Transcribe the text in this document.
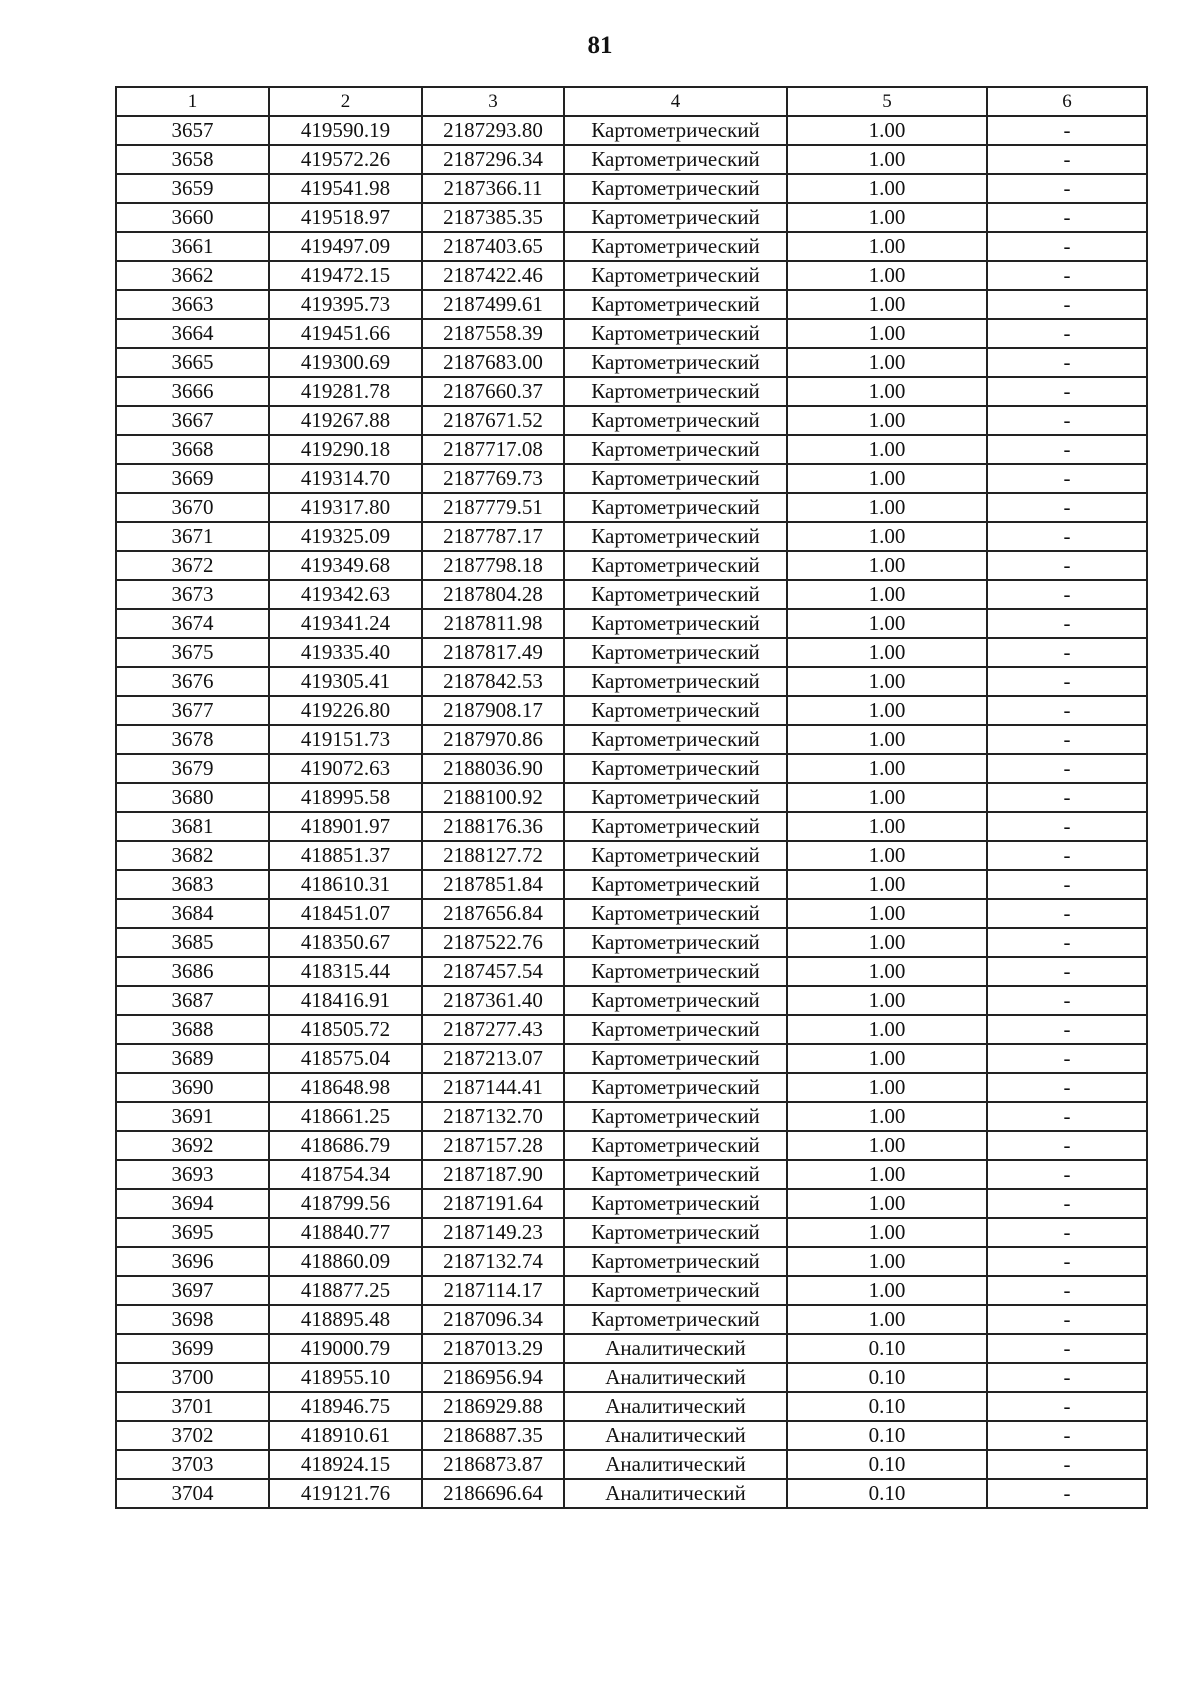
81
1	2	3	4	5	6
3657	419590.19	2187293.80	Картометрический	1.00	-
3658	419572.26	2187296.34	Картометрический	1.00	-
3659	419541.98	2187366.11	Картометрический	1.00	-
3660	419518.97	2187385.35	Картометрический	1.00	-
3661	419497.09	2187403.65	Картометрический	1.00	-
3662	419472.15	2187422.46	Картометрический	1.00	-
3663	419395.73	2187499.61	Картометрический	1.00	-
3664	419451.66	2187558.39	Картометрический	1.00	-
3665	419300.69	2187683.00	Картометрический	1.00	-
3666	419281.78	2187660.37	Картометрический	1.00	-
3667	419267.88	2187671.52	Картометрический	1.00	-
3668	419290.18	2187717.08	Картометрический	1.00	-
3669	419314.70	2187769.73	Картометрический	1.00	-
3670	419317.80	2187779.51	Картометрический	1.00	-
3671	419325.09	2187787.17	Картометрический	1.00	-
3672	419349.68	2187798.18	Картометрический	1.00	-
3673	419342.63	2187804.28	Картометрический	1.00	-
3674	419341.24	2187811.98	Картометрический	1.00	-
3675	419335.40	2187817.49	Картометрический	1.00	-
3676	419305.41	2187842.53	Картометрический	1.00	-
3677	419226.80	2187908.17	Картометрический	1.00	-
3678	419151.73	2187970.86	Картометрический	1.00	-
3679	419072.63	2188036.90	Картометрический	1.00	-
3680	418995.58	2188100.92	Картометрический	1.00	-
3681	418901.97	2188176.36	Картометрический	1.00	-
3682	418851.37	2188127.72	Картометрический	1.00	-
3683	418610.31	2187851.84	Картометрический	1.00	-
3684	418451.07	2187656.84	Картометрический	1.00	-
3685	418350.67	2187522.76	Картометрический	1.00	-
3686	418315.44	2187457.54	Картометрический	1.00	-
3687	418416.91	2187361.40	Картометрический	1.00	-
3688	418505.72	2187277.43	Картометрический	1.00	-
3689	418575.04	2187213.07	Картометрический	1.00	-
3690	418648.98	2187144.41	Картометрический	1.00	-
3691	418661.25	2187132.70	Картометрический	1.00	-
3692	418686.79	2187157.28	Картометрический	1.00	-
3693	418754.34	2187187.90	Картометрический	1.00	-
3694	418799.56	2187191.64	Картометрический	1.00	-
3695	418840.77	2187149.23	Картометрический	1.00	-
3696	418860.09	2187132.74	Картометрический	1.00	-
3697	418877.25	2187114.17	Картометрический	1.00	-
3698	418895.48	2187096.34	Картометрический	1.00	-
3699	419000.79	2187013.29	Аналитический	0.10	-
3700	418955.10	2186956.94	Аналитический	0.10	-
3701	418946.75	2186929.88	Аналитический	0.10	-
3702	418910.61	2186887.35	Аналитический	0.10	-
3703	418924.15	2186873.87	Аналитический	0.10	-
3704	419121.76	2186696.64	Аналитический	0.10	-
